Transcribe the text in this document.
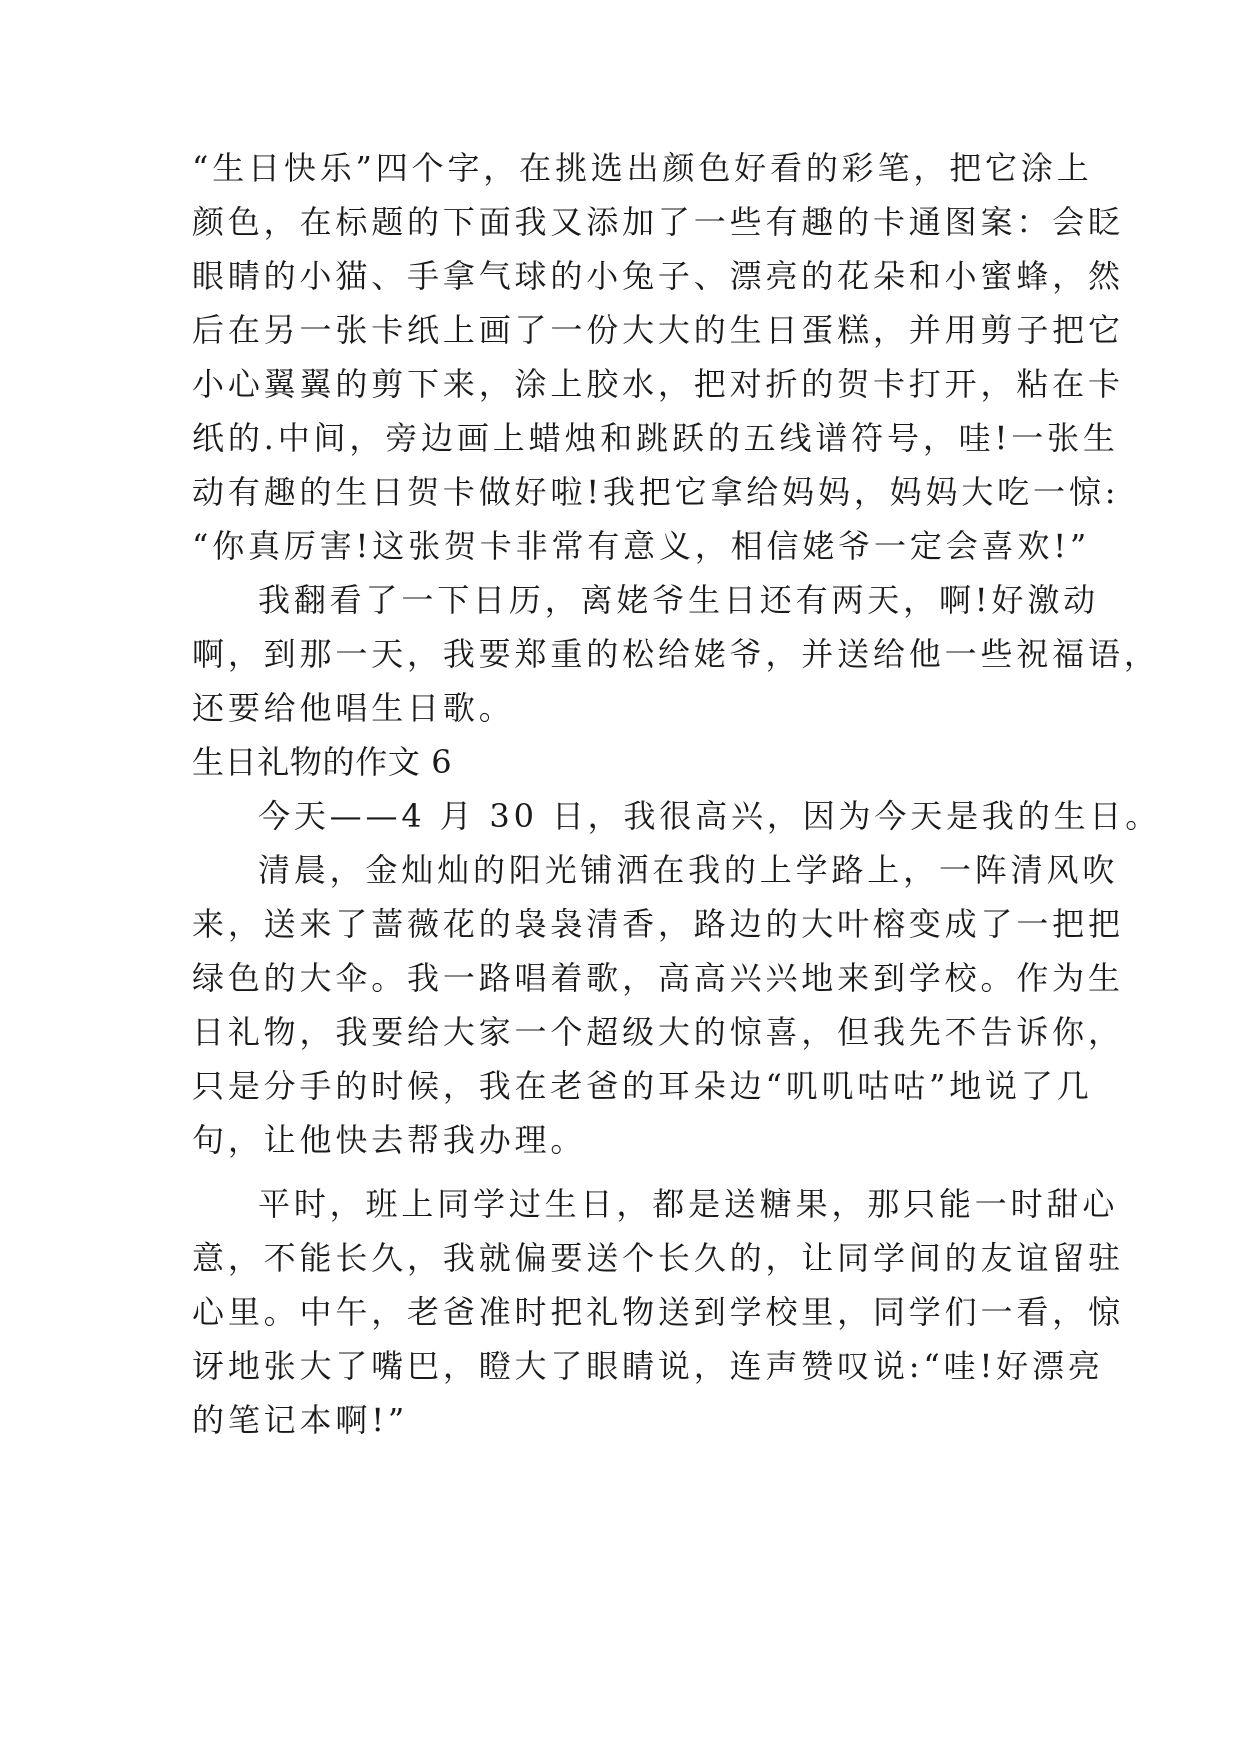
“生日快乐”四个字，在挑选出颜色好看的彩笔，把它涂上
颜色，在标题的下面我又添加了一些有趣的卡通图案：会眨
眼睛的小猫、手拿气球的小兔子、漂亮的花朵和小蜜蜂，然
后在另一张卡纸上画了一份大大的生日蛋糕，并用剪子把它
小心翼翼的剪下来，涂上胶水，把对折的贺卡打开，粘在卡
纸的.中间，旁边画上蜡烛和跳跃的五线谱符号，哇!一张生
动有趣的生日贺卡做好啦!我把它拿给妈妈，妈妈大吃一惊:
“你真厉害!这张贺卡非常有意义，相信姥爷一定会喜欢!”
我翻看了一下日历，离姥爷生日还有两天，啊!好激动
啊，到那一天，我要郑重的松给姥爷，并送给他一些祝福语，
还要给他唱生日歌。
生日礼物的作文 6
今天——4 月 30 日，我很高兴，因为今天是我的生日。
清晨，金灿灿的阳光铺洒在我的上学路上，一阵清风吹
来，送来了蔷薇花的袅袅清香，路边的大叶榕变成了一把把
绿色的大伞。我一路唱着歌，高高兴兴地来到学校。作为生
日礼物，我要给大家一个超级大的惊喜，但我先不告诉你，
只是分手的时候，我在老爸的耳朵边“叽叽咕咕”地说了几
句，让他快去帮我办理。
平时，班上同学过生日，都是送糖果，那只能一时甜心
意，不能长久，我就偏要送个长久的，让同学间的友谊留驻
心里。中午，老爸准时把礼物送到学校里，同学们一看，惊
讶地张大了嘴巴，瞪大了眼睛说，连声赞叹说:“哇!好漂亮
的笔记本啊!”
